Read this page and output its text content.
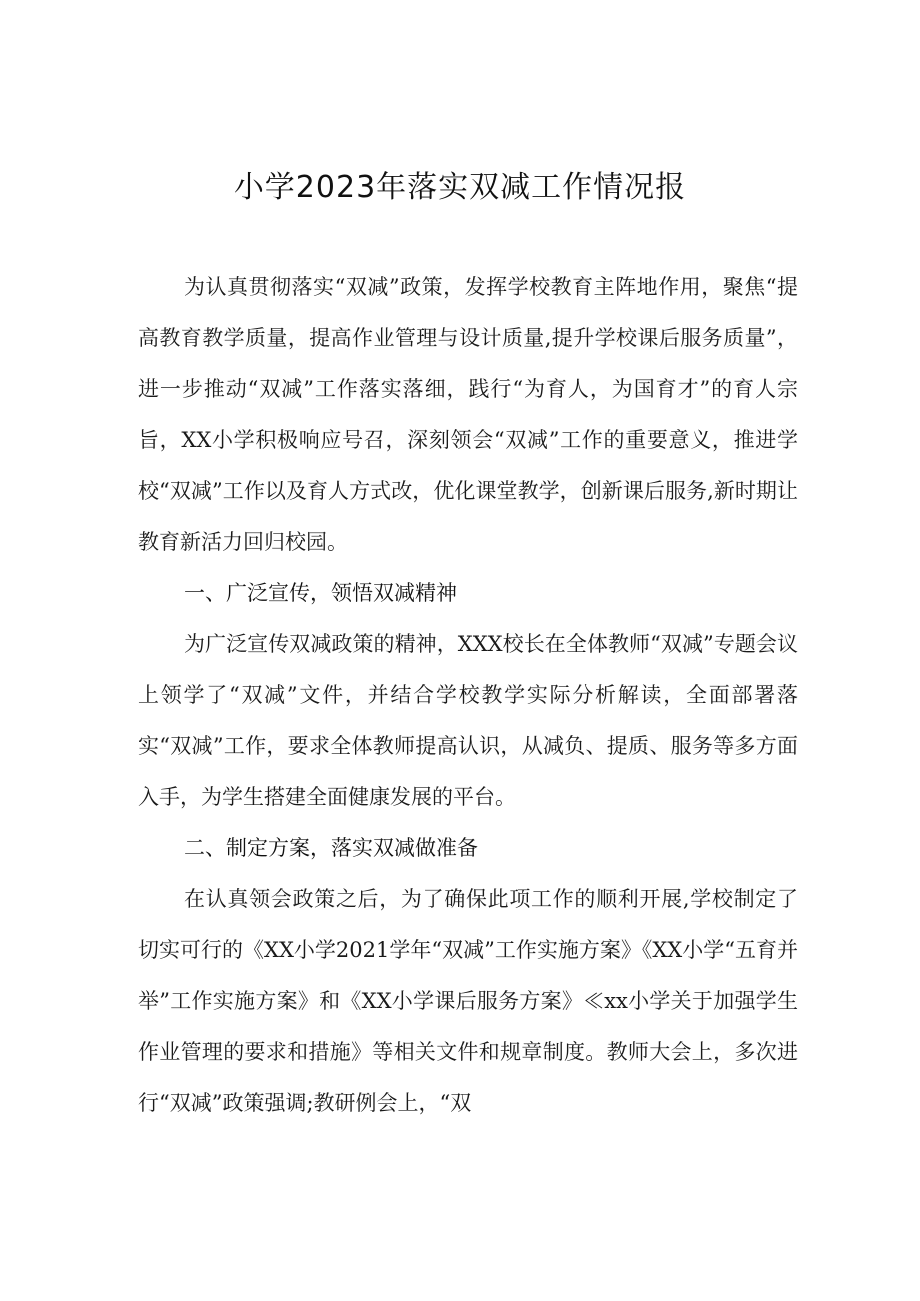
小学2023年落实双减工作情况报

为认真贯彻落实“双减”政策，发挥学校教育主阵地作用，聚焦“提高教育教学质量，提高作业管理与设计质量,提升学校课后服务质量”，进一步推动“双减”工作落实落细，践行“为育人，为国育才”的育人宗旨，XX小学积极响应号召，深刻领会“双减”工作的重要意义，推进学校“双减”工作以及育人方式改，优化课堂教学，创新课后服务,新时期让教育新活力回归校园。

一、广泛宣传，领悟双减精神

为广泛宣传双减政策的精神，XXX校长在全体教师“双减”专题会议上领学了“双减”文件，并结合学校教学实际分析解读，全面部署落实“双减”工作，要求全体教师提高认识，从减负、提质、服务等多方面入手，为学生搭建全面健康发展的平台。

二、制定方案，落实双减做准备

在认真领会政策之后，为了确保此项工作的顺利开展,学校制定了切实可行的《XX小学2021学年“双减”工作实施方案》《XX小学“五育并举”工作实施方案》和《XX小学课后服务方案》≪xx小学关于加强学生作业管理的要求和措施》等相关文件和规章制度。教师大会上，多次进行“双减”政策强调;教研例会上，“双
